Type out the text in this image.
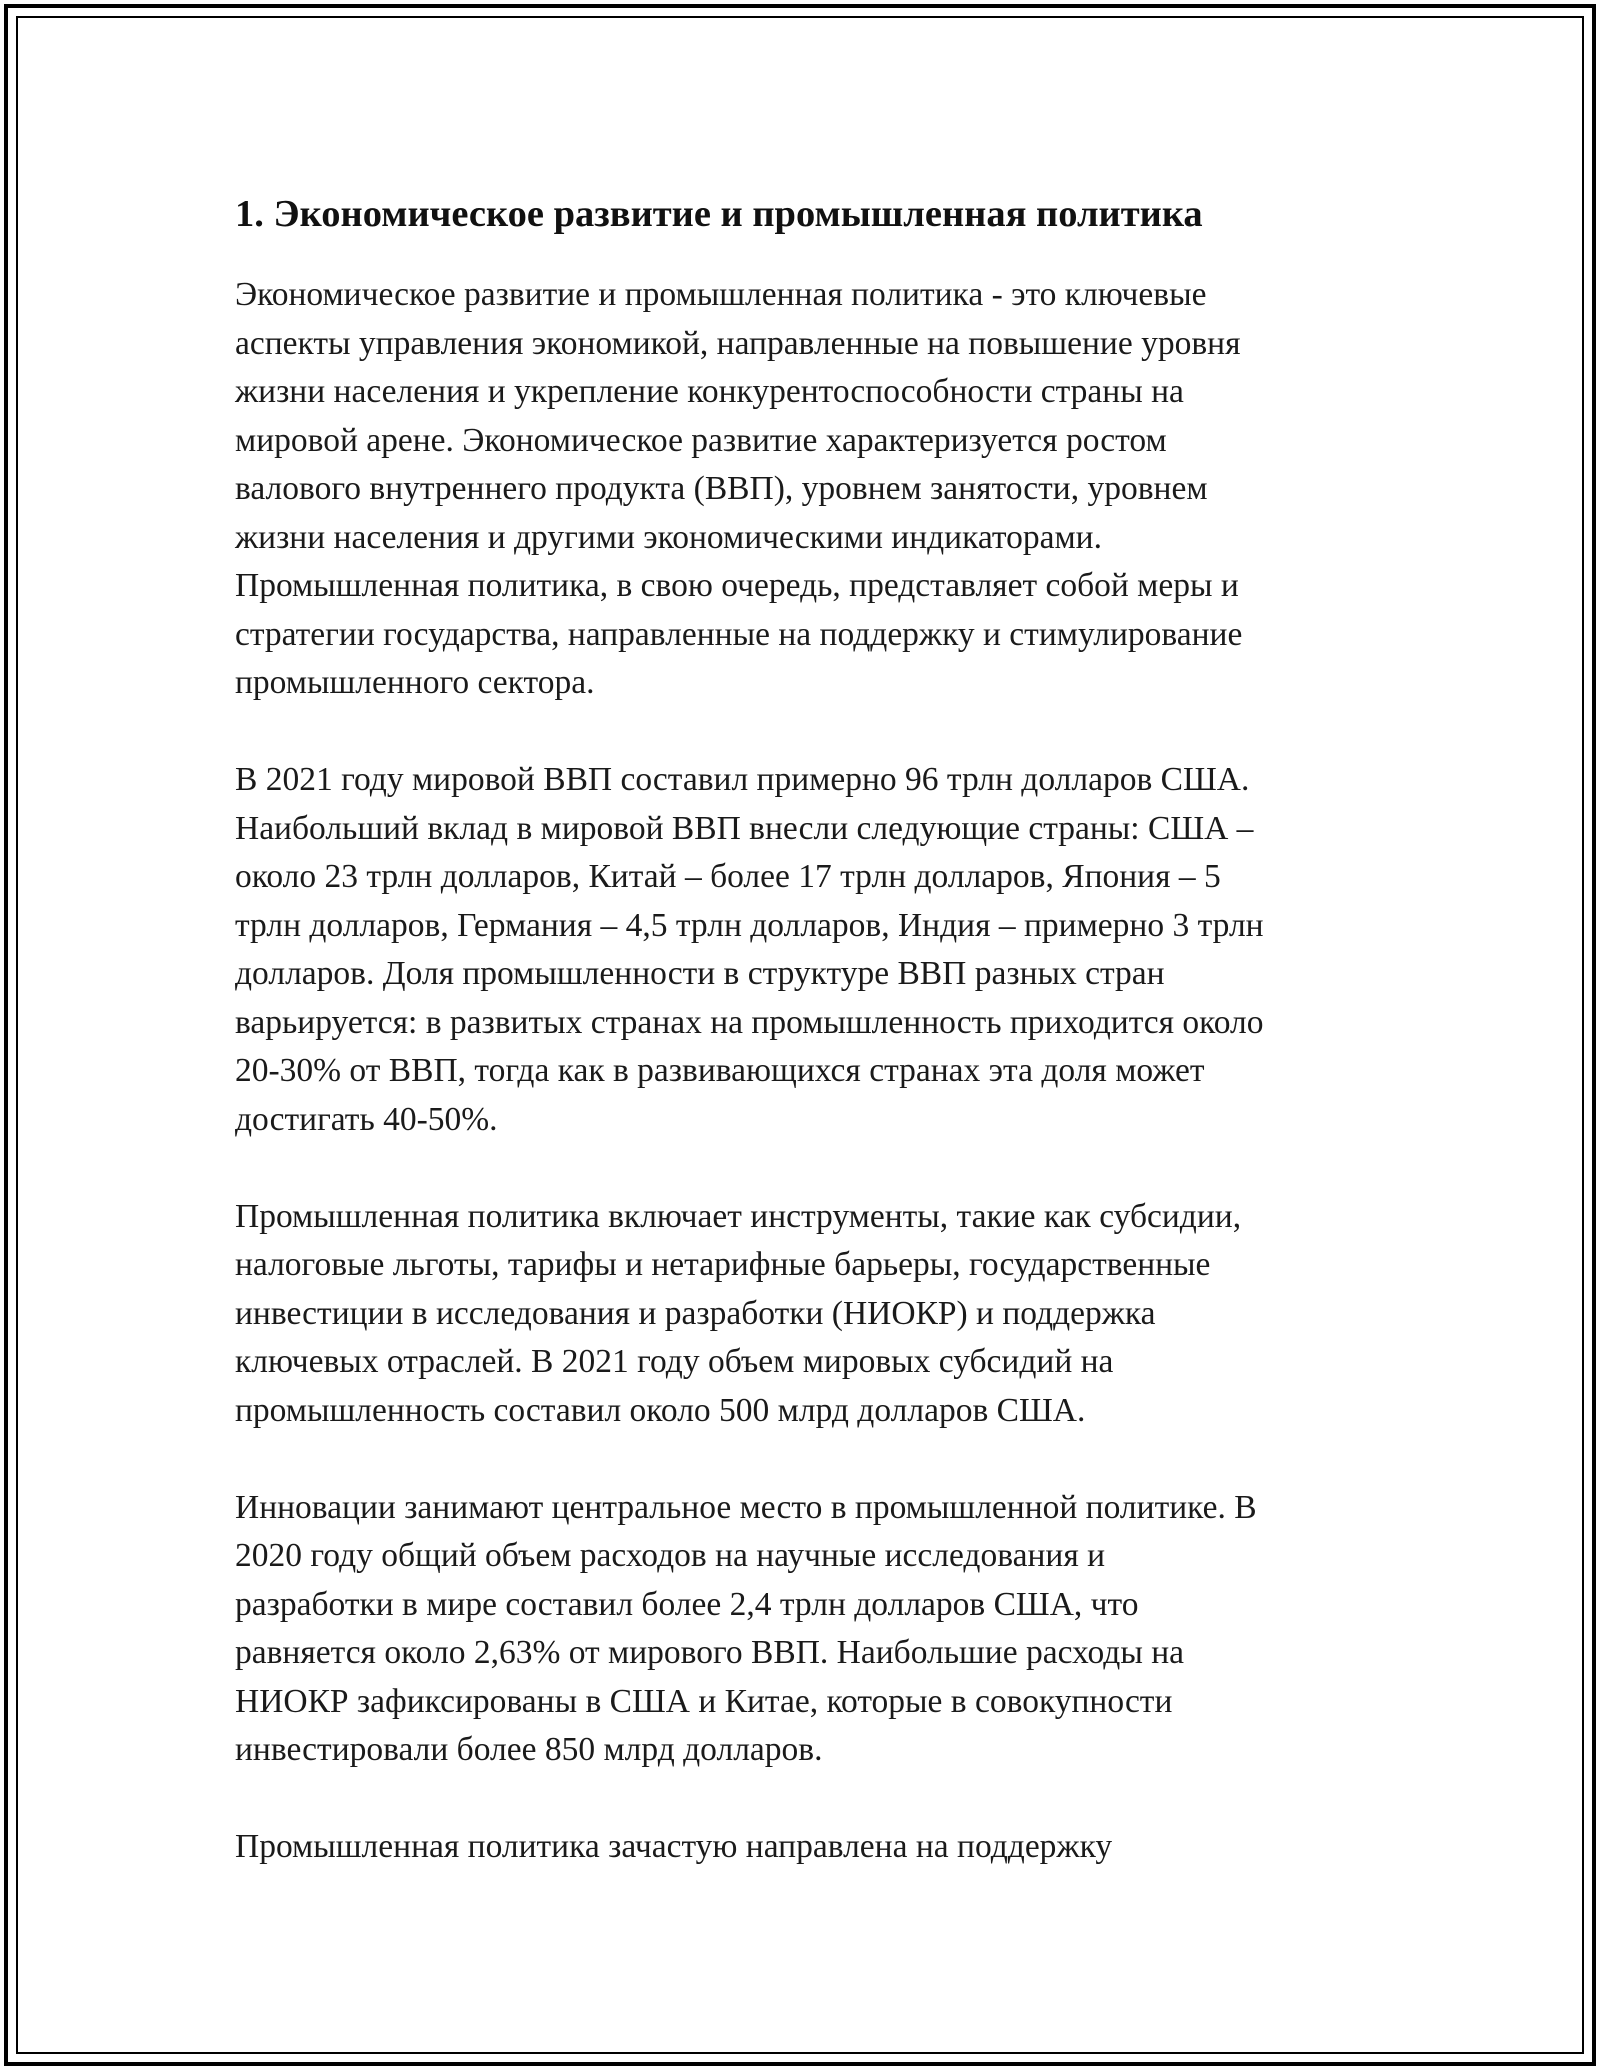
1. Экономическое развитие и промышленная политика

Экономическое развитие и промышленная политика - это ключевые
аспекты управления экономикой, направленные на повышение уровня
жизни населения и укрепление конкурентоспособности страны на
мировой арене. Экономическое развитие характеризуется ростом
валового внутреннего продукта (ВВП), уровнем занятости, уровнем
жизни населения и другими экономическими индикаторами.
Промышленная политика, в свою очередь, представляет собой меры и
стратегии государства, направленные на поддержку и стимулирование
промышленного сектора.

В 2021 году мировой ВВП составил примерно 96 трлн долларов США.
Наибольший вклад в мировой ВВП внесли следующие страны: США –
около 23 трлн долларов, Китай – более 17 трлн долларов, Япония – 5
трлн долларов, Германия – 4,5 трлн долларов, Индия – примерно 3 трлн
долларов. Доля промышленности в структуре ВВП разных стран
варьируется: в развитых странах на промышленность приходится около
20-30% от ВВП, тогда как в развивающихся странах эта доля может
достигать 40-50%.

Промышленная политика включает инструменты, такие как субсидии,
налоговые льготы, тарифы и нетарифные барьеры, государственные
инвестиции в исследования и разработки (НИОКР) и поддержка
ключевых отраслей. В 2021 году объем мировых субсидий на
промышленность составил около 500 млрд долларов США.

Инновации занимают центральное место в промышленной политике. В
2020 году общий объем расходов на научные исследования и
разработки в мире составил более 2,4 трлн долларов США, что
равняется около 2,63% от мирового ВВП. Наибольшие расходы на
НИОКР зафиксированы в США и Китае, которые в совокупности
инвестировали более 850 млрд долларов.

Промышленная политика зачастую направлена на поддержку
